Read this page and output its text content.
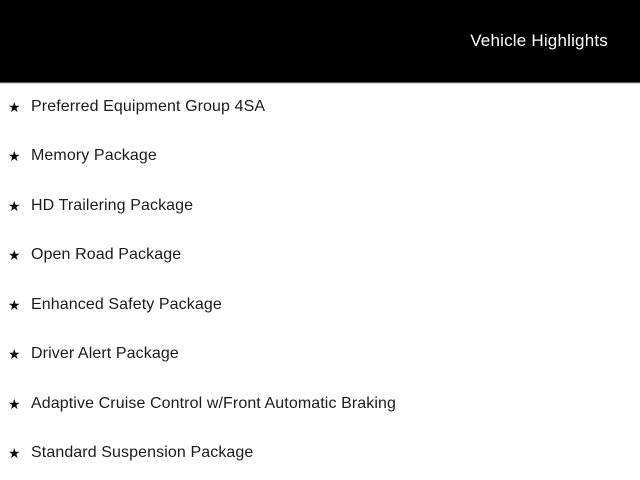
Vehicle Highlights
★ Preferred Equipment Group 4SA
★ Memory Package
★ HD Trailering Package
★ Open Road Package
★ Enhanced Safety Package
★ Driver Alert Package
★ Adaptive Cruise Control w/Front Automatic Braking
★ Standard Suspension Package
